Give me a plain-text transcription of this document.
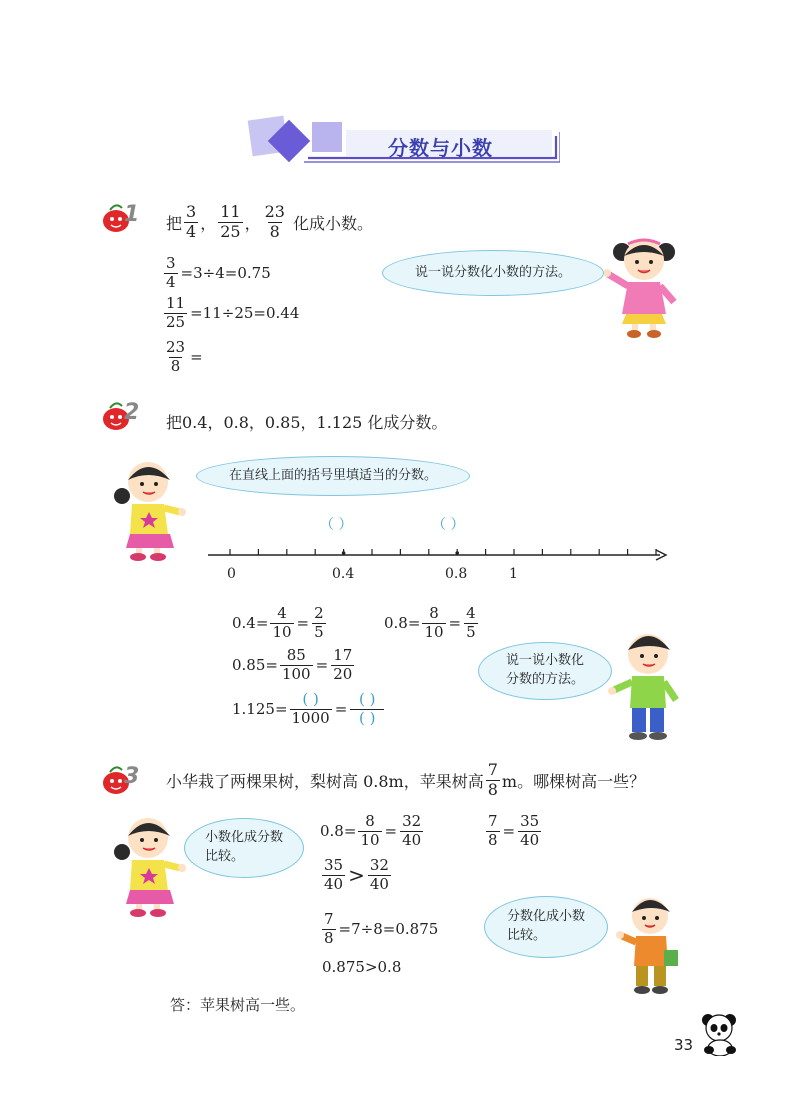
分数与小数
1 把 $\frac{3}{4}$ ， $\frac{11}{25}$ ， $\frac{23}{8}$ 化成小数。
$\frac{3}{4} =3\div 4=0.75$
$\frac{11}{25} =11\div 25=0.44$
$\frac{23}{8}$ =
说一说分数化小数的方法。
2 把0.4，0.8，0.85，1.125 化成分数。
在直线上面的括号里填适当的分数。
（ ）	（ ）
0	0.4	0.8	1
$0.4= \frac{4}{10} = \frac{2}{5}$	$0.8= \frac{8}{10} = \frac{4}{5}$
$0.85= \frac{85}{100} = \frac{17}{20}$
$1.125= \frac{( )}{1000} = \frac{( )}{( )}$
说一说小数化
分数的方法。
3 小华栽了两棵果树，梨树高 0.8m，苹果树高 $\frac{7}{8}$ m。哪棵树高一些？
小数化成分数
比较。
$0.8= \frac{8}{10} = \frac{32}{40}$	$\frac{7}{8} = \frac{35}{40}$
$\frac{35}{40} > \frac{32}{40}$
$\frac{7}{8} =7\div 8=0.875$
0.875>0.8
分数化成小数
比较。
答：苹果树高一些。
33
